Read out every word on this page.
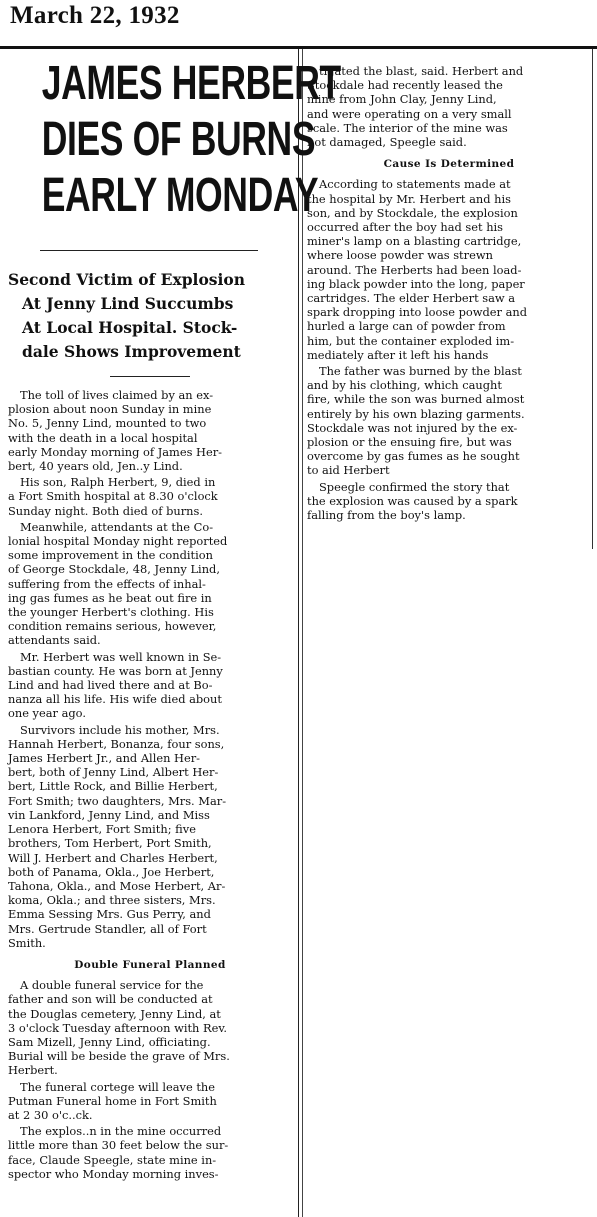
March 22, 1932
JAMES HERBERT
DIES OF BURNS
EARLY MONDAY
Second Victim of Explosion
At Jenny Lind Succumbs
At Local Hospital. Stock-
dale Shows Improvement

The toll of lives claimed by an ex-
plosion about noon Sunday in mine
No. 5, Jenny Lind, mounted to two
with the death in a local hospital
early Monday morning of James Her-
bert, 40 years old, Jen..y Lind.

His son, Ralph Herbert, 9, died in
a Fort Smith hospital at 8.30 o'clock
Sunday night. Both died of burns.

Meanwhile, attendants at the Co-
lonial hospital Monday night reported
some improvement in the condition
of George Stockdale, 48, Jenny Lind,
suffering from the effects of inhal-
ing gas fumes as he beat out fire in
the younger Herbert's clothing. His
condition remains serious, however,
attendants said.

Mr. Herbert was well known in Se-
bastian county. He was born at Jenny
Lind and had lived there and at Bo-
nanza all his life. His wife died about
one year ago.

Survivors include his mother, Mrs.
Hannah Herbert, Bonanza, four sons,
James Herbert Jr., and Allen Her-
bert, both of Jenny Lind, Albert Her-
bert, Little Rock, and Billie Herbert,
Fort Smith; two daughters, Mrs. Mar-
vin Lankford, Jenny Lind, and Miss
Lenora Herbert, Fort Smith; five
brothers, Tom Herbert, Port Smith,
Will J. Herbert and Charles Herbert,
both of Panama, Okla., Joe Herbert,
Tahona, Okla., and Mose Herbert, Ar-
koma, Okla.; and three sisters, Mrs.
Emma Sessing Mrs. Gus Perry, and
Mrs. Gertrude Standler, all of Fort
Smith.

Double Funeral Planned

A double funeral service for the
father and son will be conducted at
the Douglas cemetery, Jenny Lind, at
3 o'clock Tuesday afternoon with Rev.
Sam Mizell, Jenny Lind, officiating.
Burial will be beside the grave of Mrs.
Herbert.

The funeral cortege will leave the
Putman Funeral home in Fort Smith
at 2 30 o'c..ck.

The explos..n in the mine occurred
little more than 30 feet below the sur-
face, Claude Speegle, state mine in-
spector who Monday morning inves-

tigated the blast, said. Herbert and
Stockdale had recently leased the
mine from John Clay, Jenny Lind,
and were operating on a very small
scale. The interior of the mine was
not damaged, Speegle said.

Cause Is Determined

According to statements made at
the hospital by Mr. Herbert and his
son, and by Stockdale, the explosion
occurred after the boy had set his
miner's lamp on a blasting cartridge,
where loose powder was strewn
around. The Herberts had been load-
ing black powder into the long, paper
cartridges. The elder Herbert saw a
spark dropping into loose powder and
hurled a large can of powder from
him, but the container exploded im-
mediately after it left his hands

The father was burned by the blast
and by his clothing, which caught
fire, while the son was burned almost
entirely by his own blazing garments.
Stockdale was not injured by the ex-
plosion or the ensuing fire, but was
overcome by gas fumes as he sought
to aid Herbert

Speegle confirmed the story that
the explosion was caused by a spark
falling from the boy's lamp.
